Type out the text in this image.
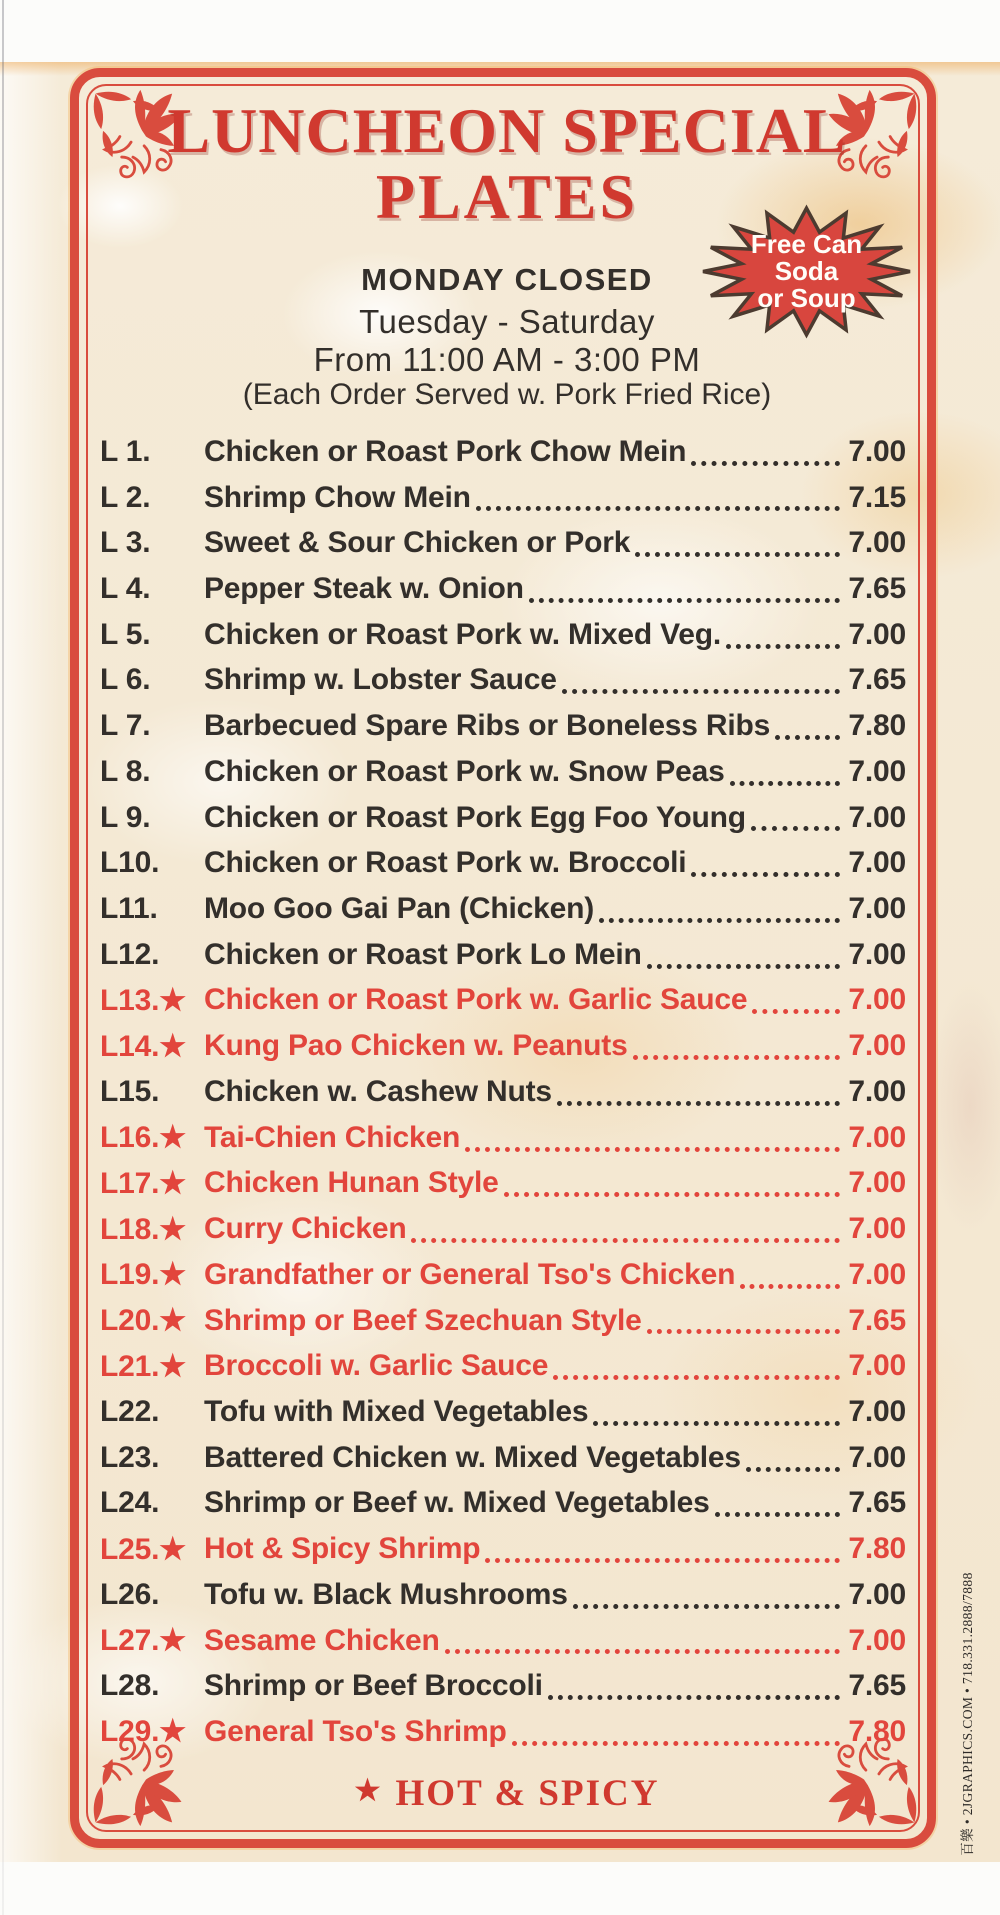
LUNCHEON SPECIAL
PLATES
MONDAY CLOSED
Tuesday - Saturday
From 11:00 AM - 3:00 PM
(Each Order Served w. Pork Fried Rice)
Free Can
Soda
or Soup
L 1.	Chicken or Roast Pork Chow Mein	7.00
L 2.	Shrimp Chow Mein	7.15
L 3.	Sweet & Sour Chicken or Pork	7.00
L 4.	Pepper Steak w. Onion	7.65
L 5.	Chicken or Roast Pork w. Mixed Veg.	7.00
L 6.	Shrimp w. Lobster Sauce	7.65
L 7.	Barbecued Spare Ribs or Boneless Ribs	7.80
L 8.	Chicken or Roast Pork w. Snow Peas	7.00
L 9.	Chicken or Roast Pork Egg Foo Young	7.00
L10.	Chicken or Roast Pork w. Broccoli	7.00
L11.	Moo Goo Gai Pan (Chicken)	7.00
L12.	Chicken or Roast Pork Lo Mein	7.00
L13.★ Chicken or Roast Pork w. Garlic Sauce	7.00
L14.★ Kung Pao Chicken w. Peanuts	7.00
L15.	Chicken w. Cashew Nuts	7.00
L16.★ Tai-Chien Chicken	7.00
L17.★ Chicken Hunan Style	7.00
L18.★ Curry Chicken	7.00
L19.★ Grandfather or General Tso's Chicken	7.00
L20.★ Shrimp or Beef Szechuan Style	7.65
L21.★ Broccoli w. Garlic Sauce	7.00
L22.	Tofu with Mixed Vegetables	7.00
L23.	Battered Chicken w. Mixed Vegetables	7.00
L24.	Shrimp or Beef w. Mixed Vegetables	7.65
L25.★ Hot & Spicy Shrimp	7.80
L26.	Tofu w. Black Mushrooms	7.00
L27.★ Sesame Chicken	7.00
L28.	Shrimp or Beef Broccoli	7.65
L29.★ General Tso's Shrimp	7.80
★ HOT & SPICY	百樂 • 2JGRAPHICS.COM • 718.331.2888/7888
